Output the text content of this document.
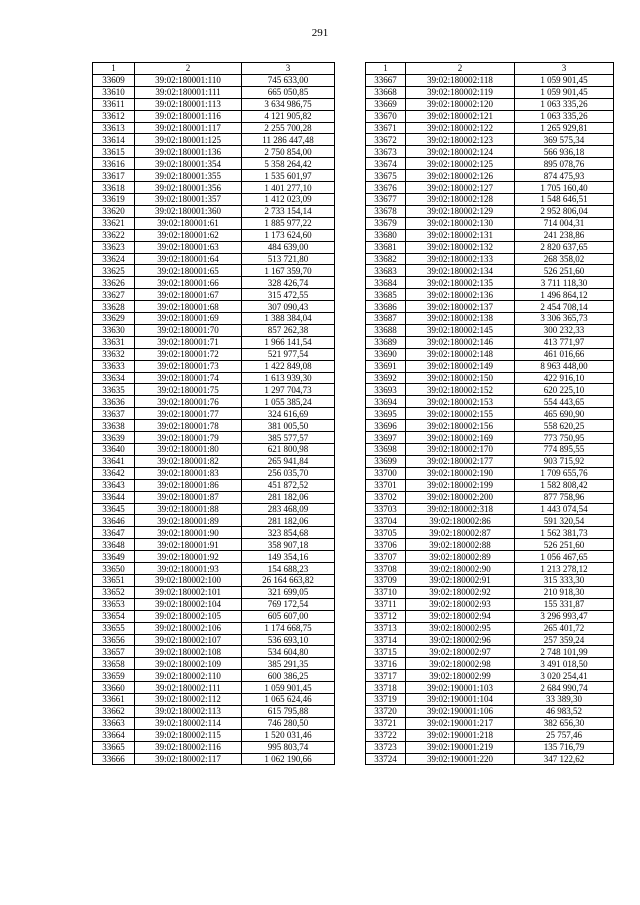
291
1	2	3
33609	39:02:180001:110	745 633,00
33610	39:02:180001:111	665 050,85
33611	39:02:180001:113	3 634 986,75
33612	39:02:180001:116	4 121 905,82
33613	39:02:180001:117	2 255 700,28
33614	39:02:180001:125	11 286 447,48
33615	39:02:180001:136	2 750 854,00
33616	39:02:180001:354	5 358 264,42
33617	39:02:180001:355	1 535 601,97
33618	39:02:180001:356	1 401 277,10
33619	39:02:180001:357	1 412 023,09
33620	39:02:180001:360	2 733 154,14
33621	39:02:180001:61	1 885 977,22
33622	39:02:180001:62	1 173 624,60
33623	39:02:180001:63	484 639,00
33624	39:02:180001:64	513 721,80
33625	39:02:180001:65	1 167 359,70
33626	39:02:180001:66	328 426,74
33627	39:02:180001:67	315 472,55
33628	39:02:180001:68	307 090,43
33629	39:02:180001:69	1 388 384,04
33630	39:02:180001:70	857 262,38
33631	39:02:180001:71	1 966 141,54
33632	39:02:180001:72	521 977,54
33633	39:02:180001:73	1 422 849,08
33634	39:02:180001:74	1 613 939,30
33635	39:02:180001:75	1 297 704,73
33636	39:02:180001:76	1 055 385,24
33637	39:02:180001:77	324 616,69
33638	39:02:180001:78	381 005,50
33639	39:02:180001:79	385 577,57
33640	39:02:180001:80	621 800,98
33641	39:02:180001:82	265 941,84
33642	39:02:180001:83	256 035,70
33643	39:02:180001:86	451 872,52
33644	39:02:180001:87	281 182,06
33645	39:02:180001:88	283 468,09
33646	39:02:180001:89	281 182,06
33647	39:02:180001:90	323 854,68
33648	39:02:180001:91	358 907,18
33649	39:02:180001:92	149 354,16
33650	39:02:180001:93	154 688,23
33651	39:02:180002:100	26 164 663,82
33652	39:02:180002:101	321 699,05
33653	39:02:180002:104	769 172,54
33654	39:02:180002:105	605 607,00
33655	39:02:180002:106	1 174 668,75
33656	39:02:180002:107	536 693,10
33657	39:02:180002:108	534 604,80
33658	39:02:180002:109	385 291,35
33659	39:02:180002:110	600 386,25
33660	39:02:180002:111	1 059 901,45
33661	39:02:180002:112	1 065 624,46
33662	39:02:180002:113	615 795,88
33663	39:02:180002:114	746 280,50
33664	39:02:180002:115	1 520 031,46
33665	39:02:180002:116	995 803,74
33666	39:02:180002:117	1 062 190,66
1	2	3
33667	39:02:180002:118	1 059 901,45
33668	39:02:180002:119	1 059 901,45
33669	39:02:180002:120	1 063 335,26
33670	39:02:180002:121	1 063 335,26
33671	39:02:180002:122	1 265 929,81
33672	39:02:180002:123	369 575,34
33673	39:02:180002:124	566 936,18
33674	39:02:180002:125	895 078,76
33675	39:02:180002:126	874 475,93
33676	39:02:180002:127	1 705 160,40
33677	39:02:180002:128	1 548 646,51
33678	39:02:180002:129	2 952 806,04
33679	39:02:180002:130	714 004,31
33680	39:02:180002:131	241 238,86
33681	39:02:180002:132	2 820 637,65
33682	39:02:180002:133	268 358,02
33683	39:02:180002:134	526 251,60
33684	39:02:180002:135	3 711 118,30
33685	39:02:180002:136	1 496 864,12
33686	39:02:180002:137	2 454 708,14
33687	39:02:180002:138	3 306 365,73
33688	39:02:180002:145	300 232,33
33689	39:02:180002:146	413 771,97
33690	39:02:180002:148	461 016,66
33691	39:02:180002:149	8 963 448,00
33692	39:02:180002:150	422 916,10
33693	39:02:180002:152	620 225,10
33694	39:02:180002:153	554 443,65
33695	39:02:180002:155	465 690,90
33696	39:02:180002:156	558 620,25
33697	39:02:180002:169	773 750,95
33698	39:02:180002:170	774 895,55
33699	39:02:180002:177	903 715,92
33700	39:02:180002:190	1 709 655,76
33701	39:02:180002:199	1 582 808,42
33702	39:02:180002:200	877 758,96
33703	39:02:180002:318	1 443 074,54
33704	39:02:180002:86	591 320,54
33705	39:02:180002:87	1 562 381,73
33706	39:02:180002:88	526 251,60
33707	39:02:180002:89	1 056 467,65
33708	39:02:180002:90	1 213 278,12
33709	39:02:180002:91	315 333,30
33710	39:02:180002:92	210 918,30
33711	39:02:180002:93	155 331,87
33712	39:02:180002:94	3 296 993,47
33713	39:02:180002:95	265 401,72
33714	39:02:180002:96	257 359,24
33715	39:02:180002:97	2 748 101,99
33716	39:02:180002:98	3 491 018,50
33717	39:02:180002:99	3 020 254,41
33718	39:02:190001:103	2 684 990,74
33719	39:02:190001:104	33 389,30
33720	39:02:190001:106	46 983,52
33721	39:02:190001:217	382 656,30
33722	39:02:190001:218	25 757,46
33723	39:02:190001:219	135 716,79
33724	39:02:190001:220	347 122,62
